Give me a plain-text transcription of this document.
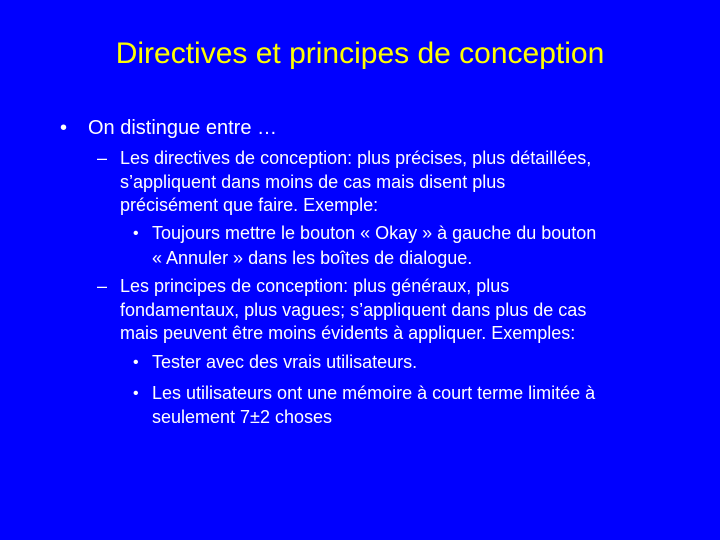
Directives et principes de conception
• On distingue entre …
– Les directives de conception: plus précises, plus détaillées,
s’appliquent dans moins de cas mais disent plus
précisément que faire. Exemple:
• Toujours mettre le bouton « Okay » à gauche du bouton
« Annuler » dans les boîtes de dialogue.
– Les principes de conception: plus généraux, plus
fondamentaux, plus vagues; s’appliquent dans plus de cas
mais peuvent être moins évidents à appliquer. Exemples:
• Tester avec des vrais utilisateurs.
• Les utilisateurs ont une mémoire à court terme limitée à
seulement 7±2 choses
